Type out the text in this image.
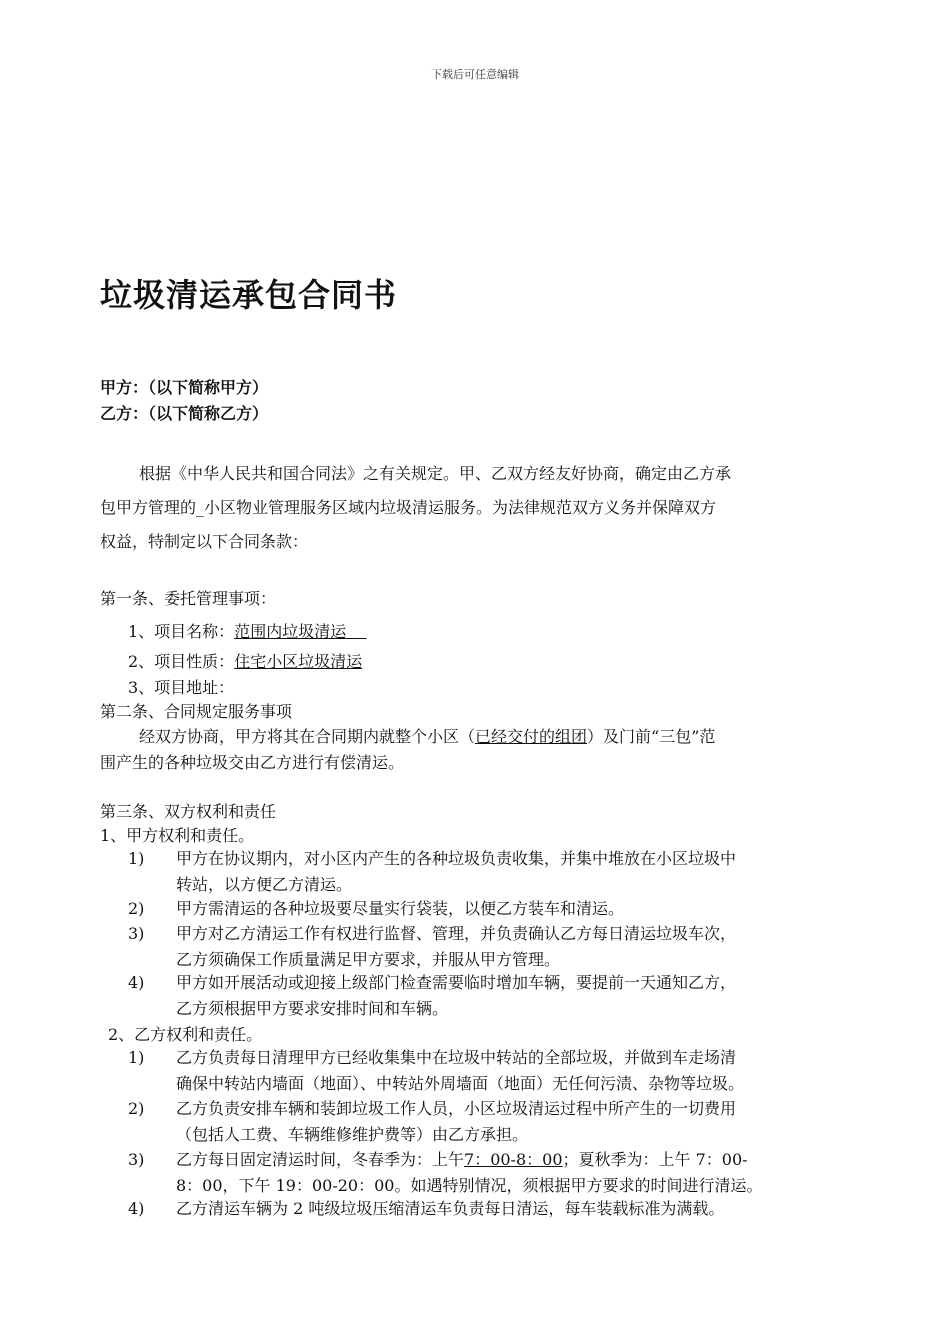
下载后可任意编辑
垃圾清运承包合同书
甲方：（以下简称甲方）
乙方：（以下简称乙方）
根据《中华人民共和国合同法》之有关规定。甲、乙双方经友好协商，确定由乙方承
包甲方管理的_小区物业管理服务区域内垃圾清运服务。为法律规范双方义务并保障双方
权益，特制定以下合同条款：
第一条、委托管理事项：
1、项目名称：范围内垃圾清运
2、项目性质：住宅小区垃圾清运
3、项目地址：
第二条、合同规定服务事项
经双方协商，甲方将其在合同期内就整个小区（已经交付的组团）及门前“三包”范
围产生的各种垃圾交由乙方进行有偿清运。
第三条、双方权利和责任
1、甲方权利和责任。
1) 甲方在协议期内，对小区内产生的各种垃圾负责收集，并集中堆放在小区垃圾中
转站，以方便乙方清运。
2) 甲方需清运的各种垃圾要尽量实行袋装，以便乙方装车和清运。
3) 甲方对乙方清运工作有权进行监督、管理，并负责确认乙方每日清运垃圾车次，
乙方须确保工作质量满足甲方要求，并服从甲方管理。
4) 甲方如开展活动或迎接上级部门检查需要临时增加车辆，要提前一天通知乙方，
乙方须根据甲方要求安排时间和车辆。
2、乙方权利和责任。
1) 乙方负责每日清理甲方已经收集集中在垃圾中转站的全部垃圾，并做到车走场清
确保中转站内墙面（地面）、中转站外周墙面（地面）无任何污渍、杂物等垃圾。
2) 乙方负责安排车辆和装卸垃圾工作人员，小区垃圾清运过程中所产生的一切费用
（包括人工费、车辆维修维护费等）由乙方承担。
3) 乙方每日固定清运时间，冬春季为：上午7：00-8：00；夏秋季为：上午 7：00-
8：00，下午 19：00-20：00。如遇特别情况，须根据甲方要求的时间进行清运。
4) 乙方清运车辆为 2 吨级垃圾压缩清运车负责每日清运，每车装载标准为满载。
